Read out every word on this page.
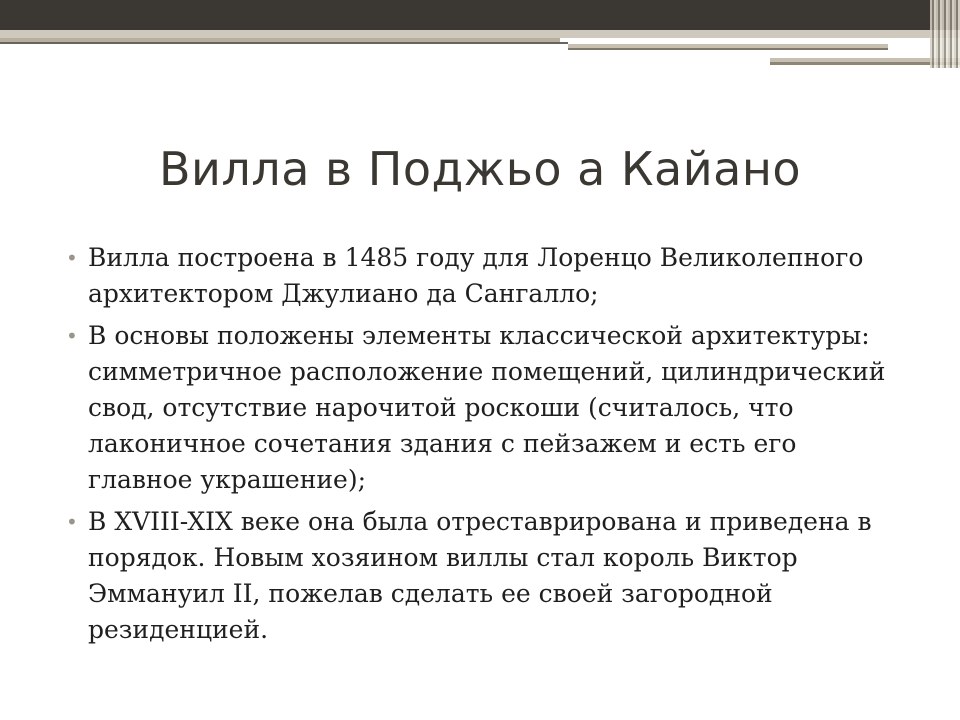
Вилла в Поджьо а Кайано
• Вилла построена в 1485 году для Лоренцо Великолепного архитектором Джулиано да Сангалло;
• В основы положены элементы классической архитектуры: симметричное расположение помещений, цилиндрический свод, отсутствие нарочитой роскоши (считалось, что лаконичное сочетания здания с пейзажем и есть его главное украшение);
• В XVIII-XIX веке она была отреставрирована и приведена в порядок. Новым хозяином виллы стал король Виктор Эммануил II, пожелав сделать ее своей загородной резиденцией.
